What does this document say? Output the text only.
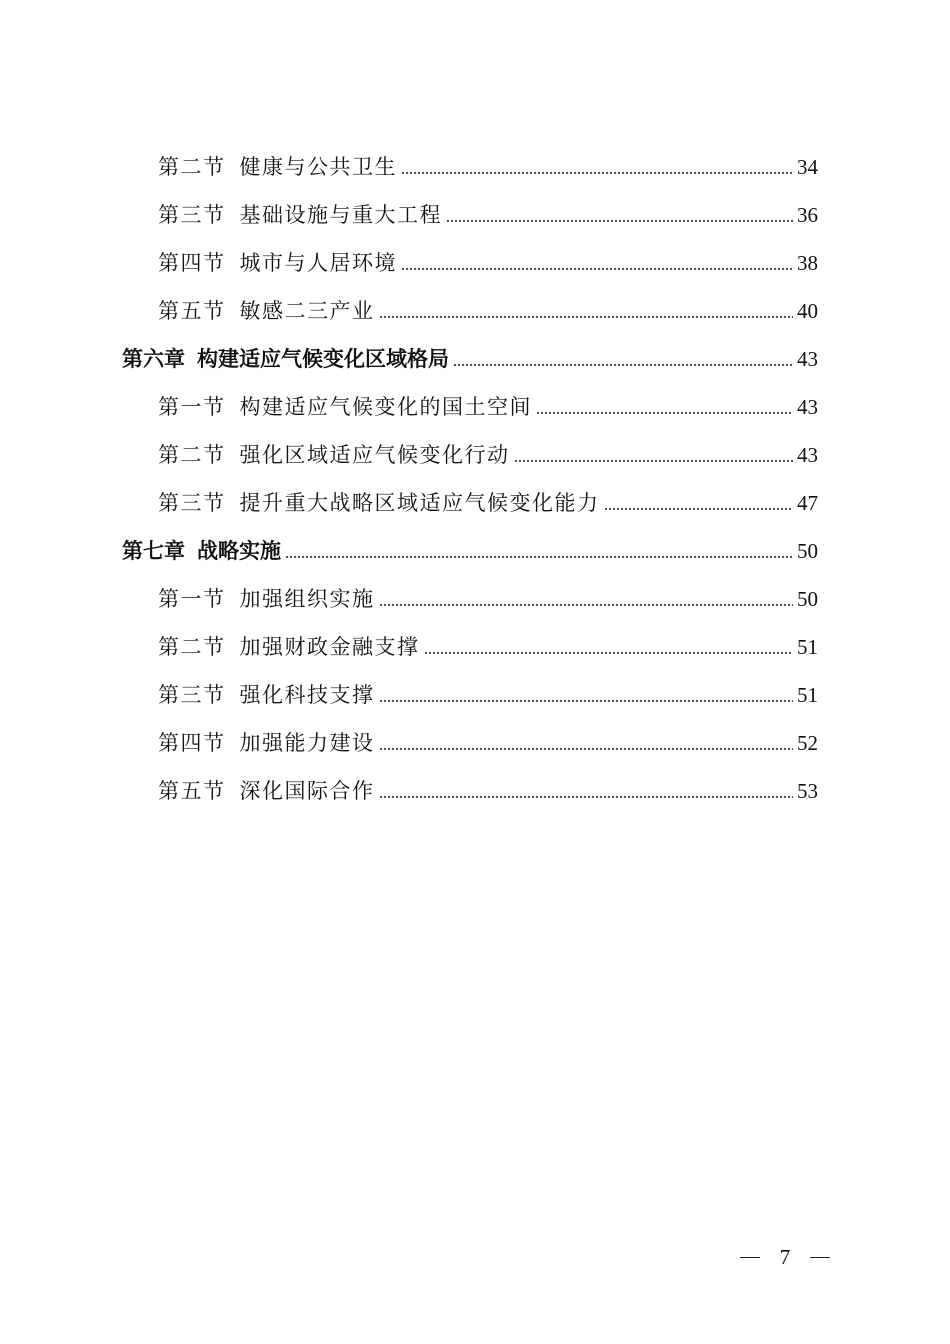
第二节 健康与公共卫生	34
第三节 基础设施与重大工程	36
第四节 城市与人居环境	38
第五节 敏感二三产业	40
第六章 构建适应气候变化区域格局	43
第一节 构建适应气候变化的国土空间	43
第二节 强化区域适应气候变化行动	43
第三节 提升重大战略区域适应气候变化能力	47
第七章 战略实施	50
第一节 加强组织实施	50
第二节 加强财政金融支撑	51
第三节 强化科技支撑	51
第四节 加强能力建设	52
第五节 深化国际合作	53
7
